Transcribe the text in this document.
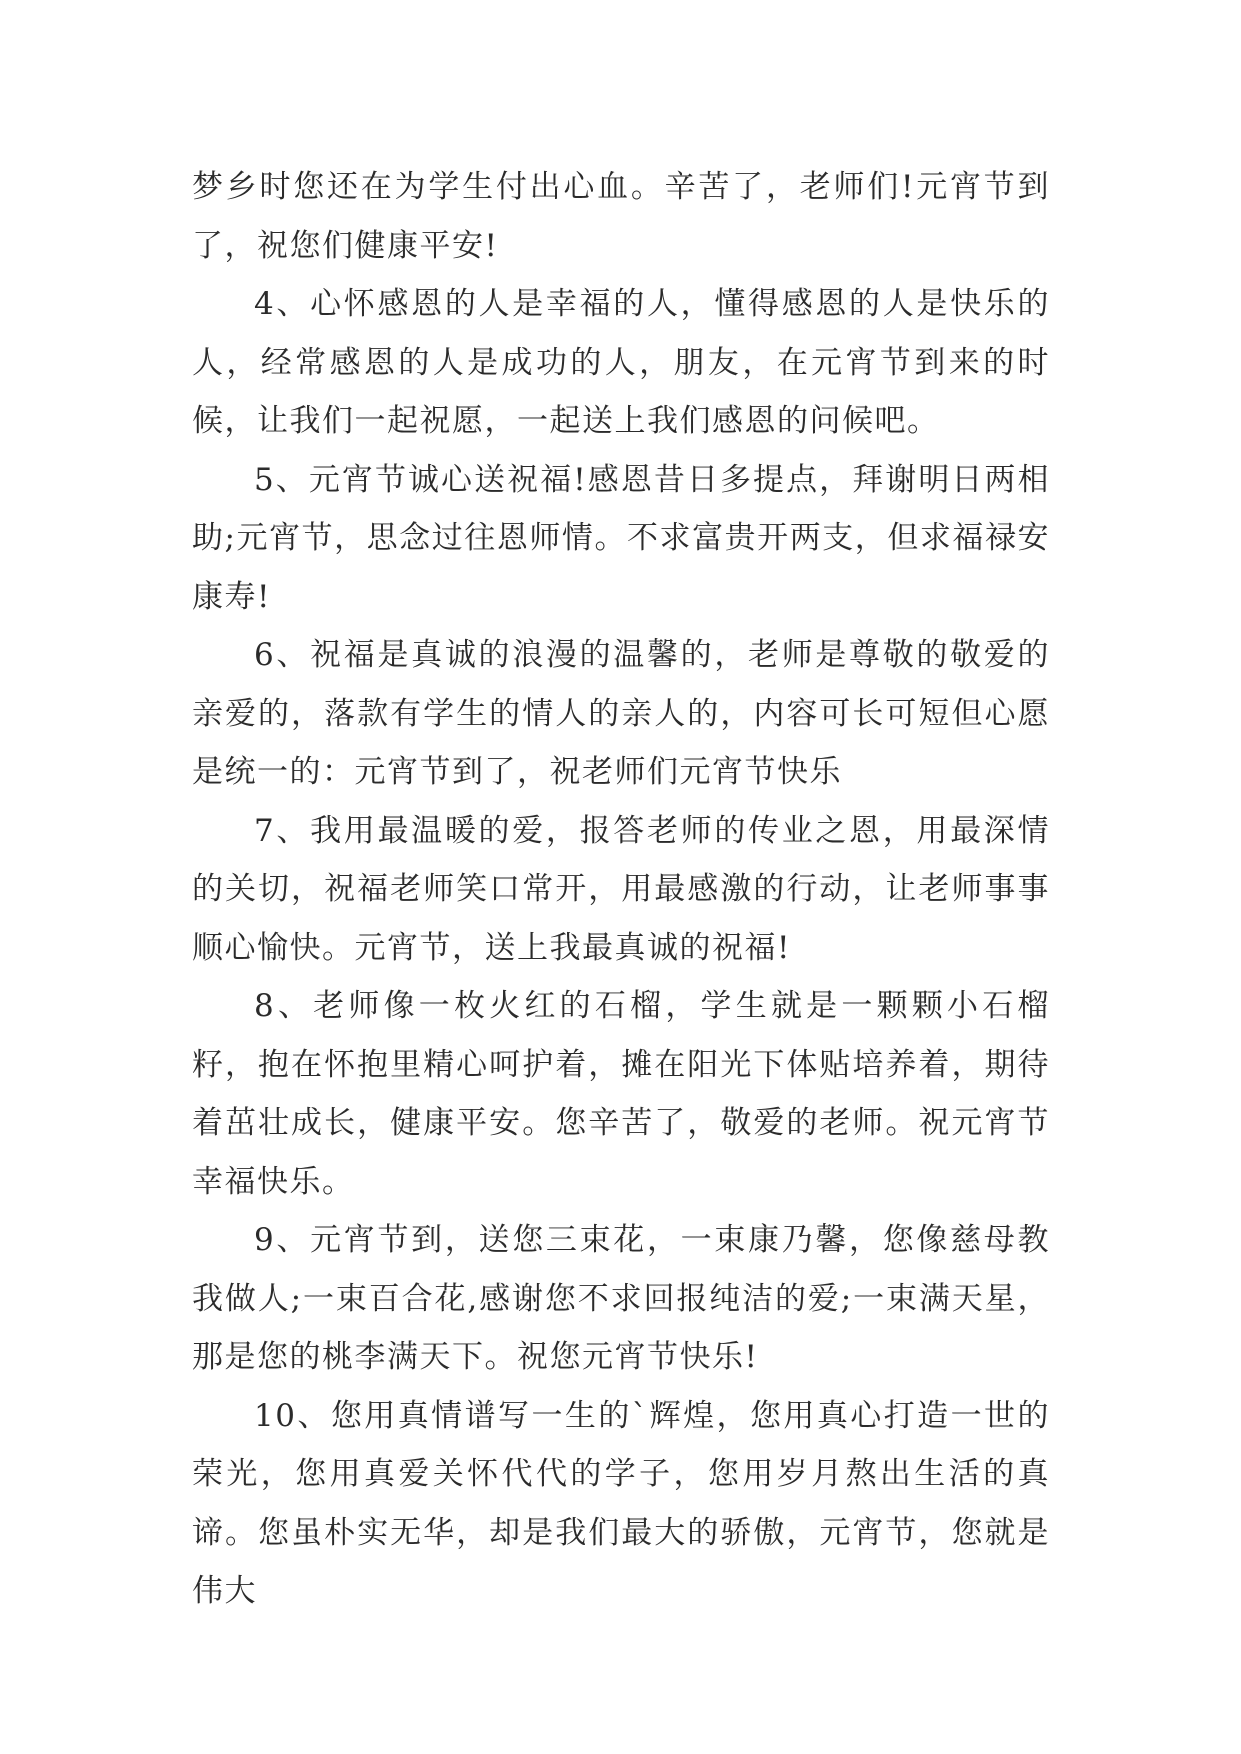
梦乡时您还在为学生付出心血。辛苦了，老师们!元宵节到了，祝您们健康平安!

4、心怀感恩的人是幸福的人，懂得感恩的人是快乐的人，经常感恩的人是成功的人，朋友，在元宵节到来的时候，让我们一起祝愿，一起送上我们感恩的问候吧。

5、元宵节诚心送祝福!感恩昔日多提点，拜谢明日两相助;元宵节，思念过往恩师情。不求富贵开两支，但求福禄安康寿!

6、祝福是真诚的浪漫的温馨的，老师是尊敬的敬爱的亲爱的，落款有学生的情人的亲人的，内容可长可短但心愿是统一的：元宵节到了，祝老师们元宵节快乐

7、我用最温暖的爱，报答老师的传业之恩，用最深情的关切，祝福老师笑口常开，用最感激的行动，让老师事事顺心愉快。元宵节，送上我最真诚的祝福!

8、老师像一枚火红的石榴，学生就是一颗颗小石榴籽，抱在怀抱里精心呵护着，摊在阳光下体贴培养着，期待着茁壮成长，健康平安。您辛苦了，敬爱的老师。祝元宵节幸福快乐。

9、元宵节到，送您三束花，一束康乃馨，您像慈母教我做人;一束百合花,感谢您不求回报纯洁的爱;一束满天星，那是您的桃李满天下。祝您元宵节快乐!

10、您用真情谱写一生的`辉煌，您用真心打造一世的荣光，您用真爱关怀代代的学子，您用岁月熬出生活的真谛。您虽朴实无华，却是我们最大的骄傲，元宵节，您就是伟大
